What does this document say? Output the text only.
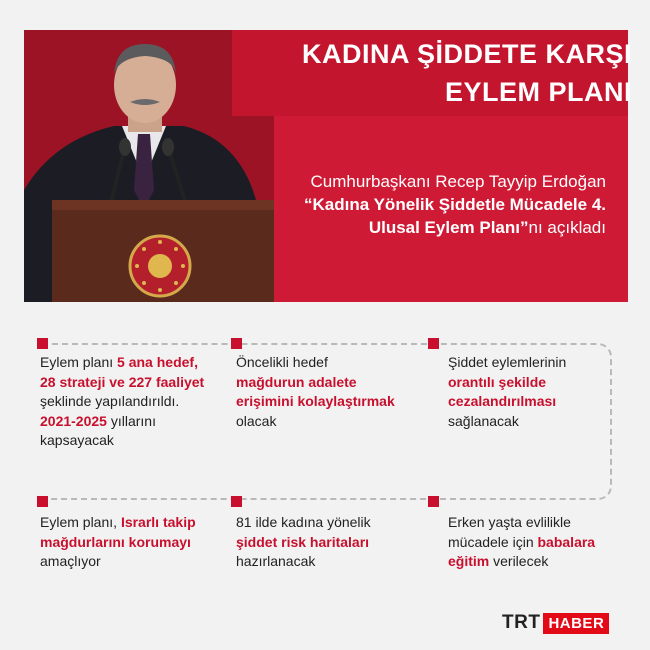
Cumhurbaşkanı Recep Tayyip Erdoğan “Kadına Yönelik Şiddetle Mücadele 4. Ulusal Eylem Planı”nı açıkladı
KADINA ŞİDDETE KARŞI
EYLEM PLANI
Eylem planı 5 ana hedef, 28 strateji ve 227 faaliyet şeklinde yapılandırıldı. 2021-2025 yıllarını kapsayacak
Öncelikli hedef mağdurun adalete erişimini kolaylaştırmak olacak
Şiddet eylemlerinin orantılı şekilde cezalandırılması sağlanacak
Eylem planı, Israrlı takip mağdurlarını korumayı amaçlıyor
81 ilde kadına yönelik şiddet risk haritaları hazırlanacak
Erken yaşta evlilikle mücadele için babalara eğitim verilecek
TRT HABER
